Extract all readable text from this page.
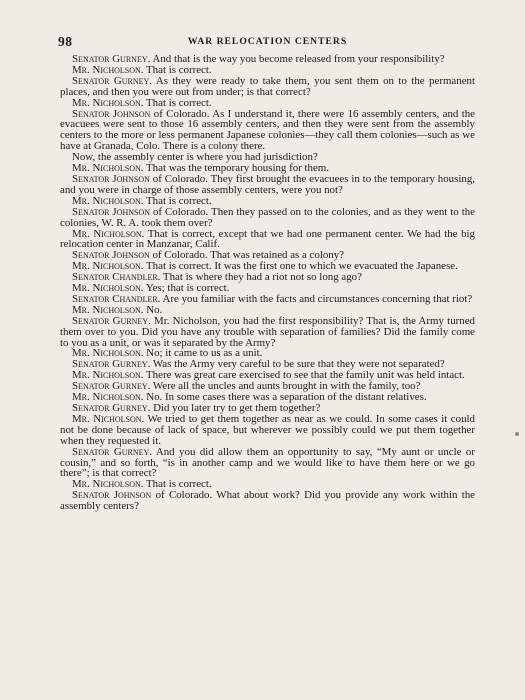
98	WAR RELOCATION CENTERS

Senator Gurney. And that is the way you become released from your responsibility?

Mr. Nicholson. That is correct.

Senator Gurney. As they were ready to take them, you sent them on to the permanent places, and then you were out from under; is that correct?

Mr. Nicholson. That is correct.

Senator Johnson of Colorado. As I understand it, there were 16 assembly centers, and the evacuees were sent to those 16 assembly centers, and then they were sent from the assembly centers to the more or less permanent Japanese colonies—they call them colonies—such as we have at Granada, Colo. There is a colony there.

Now, the assembly center is where you had jurisdiction?

Mr. Nicholson. That was the temporary housing for them.

Senator Johnson of Colorado. They first brought the evacuees in to the temporary housing, and you were in charge of those assembly centers, were you not?

Mr. Nicholson. That is correct.

Senator Johnson of Colorado. Then they passed on to the colonies, and as they went to the colonies, W. R. A. took them over?

Mr. Nicholson. That is correct, except that we had one permanent center. We had the big relocation center in Manzanar, Calif.

Senator Johnson of Colorado. That was retained as a colony?

Mr. Nicholson. That is correct. It was the first one to which we evacuated the Japanese.

Senator Chandler. That is where they had a riot not so long ago?

Mr. Nicholson. Yes; that is correct.

Senator Chandler. Are you familiar with the facts and circumstances concerning that riot?

Mr. Nicholson. No.

Senator Gurney. Mr. Nicholson, you had the first responsibility? That is, the Army turned them over to you. Did you have any trouble with separation of families? Did the family come to you as a unit, or was it separated by the Army?

Mr. Nicholson. No; it came to us as a unit.

Senator Gurney. Was the Army very careful to be sure that they were not separated?

Mr. Nicholson. There was great care exercised to see that the family unit was held intact.

Senator Gurney. Were all the uncles and aunts brought in with the family, too?

Mr. Nicholson. No. In some cases there was a separation of the distant relatives.

Senator Gurney. Did you later try to get them together?

Mr. Nicholson. We tried to get them together as near as we could. In some cases it could not be done because of lack of space, but wherever we possibly could we put them together when they requested it.

Senator Gurney. And you did allow them an opportunity to say, “My aunt or uncle or cousin,” and so forth, “is in another camp and we would like to have them here or we go there”; is that correct?

Mr. Nicholson. That is correct.

Senator Johnson of Colorado. What about work? Did you provide any work within the assembly centers?
